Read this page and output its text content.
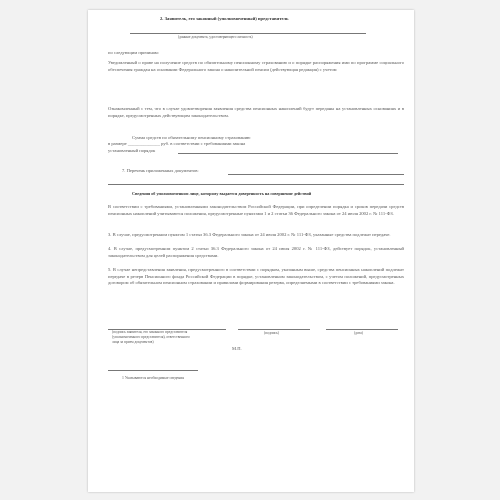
2. Заявитель, его законный (уполномоченный) представитель
(данные документа, удостоверяющего личность)
по следующим причинам:
Уведомленный о праве на получение средств по обязательному пенсионному страхованию и о порядке распоряжения ими по программе социального обеспечения граждан на основании Федерального закона о накопительной пенсии (действующая редакция) с учетом
Ознакомленный с тем, что в случае удовлетворения заявления средства пенсионных накоплений будут переданы на установленных основаниях и в порядке, предусмотренных действующим законодательством.
Сумма средств по обязательному пенсионному страхованию
в размере ______________ руб. в соответствии с требованиями закона
установленный порядок
7. Перечень приложенных документов:
Сведения об уполномоченном лице, которому выдается доверенность на совершение действий
В соответствии с требованиями, установленными законодательством Российской Федерации, при определении порядка и сроков передачи средств пенсионных накоплений учитываются положения, предусмотренные пунктами 1 и 2 статьи 36 Федерального закона от 24 июля 2002 г. № 111-ФЗ.
3. В случае, предусмотренном пунктом 1 статьи 36.3 Федерального закона от 24 июля 2002 г. № 111-ФЗ, указанные средства подлежат передаче.
4. В случае, предусмотренном пунктом 2 статьи 36.3 Федерального закона от 24 июля 2002 г. № 111-ФЗ, действует порядок, установленный законодательством для целей распоряжения средствами.
5. В случае непредставления заявления, предусмотренного в соответствии с порядком, указанным выше, средства пенсионных накоплений подлежат передаче в резерв Пенсионного фонда Российской Федерации в порядке, установленном законодательством, с учетом положений, предусмотренных договором об обязательном пенсионном страховании и правилами формирования резерва, определяемыми в соответствии с требованиями закона.
(подпись заявителя, его законного представителя
(уполномоченного представителя), ответственного
лица за прием документов)
(подпись)	(дата)
М.П.
1 Указываются необходимые сведения
